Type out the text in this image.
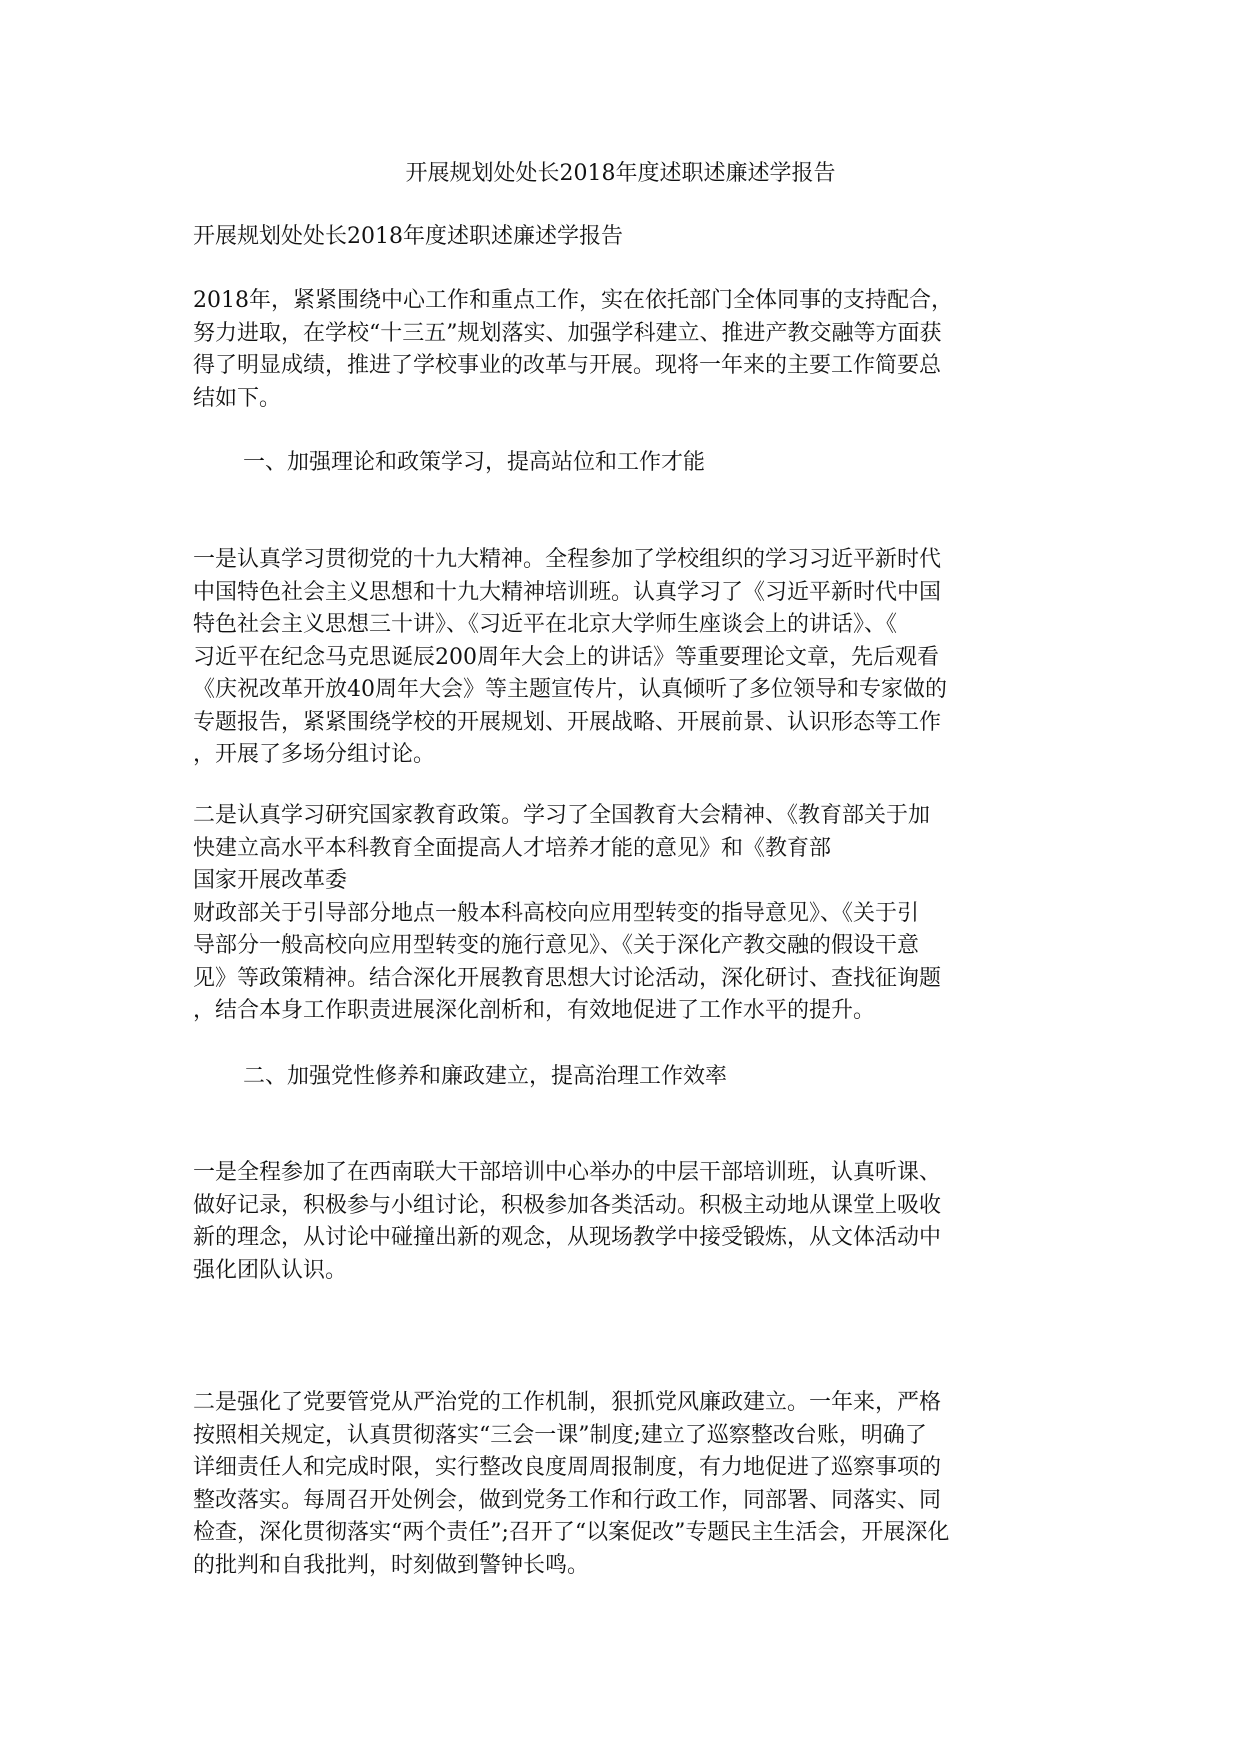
开展规划处处长2018年度述职述廉述学报告
开展规划处处长2018年度述职述廉述学报告
2018年，紧紧围绕中心工作和重点工作，实在依托部门全体同事的支持配合，
努力进取，在学校“十三五”规划落实、加强学科建立、推进产教交融等方面获
得了明显成绩，推进了学校事业的改革与开展。现将一年来的主要工作简要总
结如下。
一、加强理论和政策学习，提高站位和工作才能
一是认真学习贯彻党的十九大精神。全程参加了学校组织的学习习近平新时代
中国特色社会主义思想和十九大精神培训班。认真学习了《习近平新时代中国
特色社会主义思想三十讲》、《习近平在北京大学师生座谈会上的讲话》、《
习近平在纪念马克思诞辰200周年大会上的讲话》等重要理论文章，先后观看
《庆祝改革开放40周年大会》等主题宣传片，认真倾听了多位领导和专家做的
专题报告，紧紧围绕学校的开展规划、开展战略、开展前景、认识形态等工作
，开展了多场分组讨论。
二是认真学习研究国家教育政策。学习了全国教育大会精神、《教育部关于加
快建立高水平本科教育全面提高人才培养才能的意见》和《教育部
国家开展改革委
财政部关于引导部分地点一般本科高校向应用型转变的指导意见》、《关于引
导部分一般高校向应用型转变的施行意见》、《关于深化产教交融的假设干意
见》等政策精神。结合深化开展教育思想大讨论活动，深化研讨、查找征询题
，结合本身工作职责进展深化剖析和，有效地促进了工作水平的提升。
二、加强党性修养和廉政建立，提高治理工作效率
一是全程参加了在西南联大干部培训中心举办的中层干部培训班，认真听课、
做好记录，积极参与小组讨论，积极参加各类活动。积极主动地从课堂上吸收
新的理念，从讨论中碰撞出新的观念，从现场教学中接受锻炼，从文体活动中
强化团队认识。
二是强化了党要管党从严治党的工作机制，狠抓党风廉政建立。一年来，严格
按照相关规定，认真贯彻落实“三会一课”制度;建立了巡察整改台账，明确了
详细责任人和完成时限，实行整改良度周周报制度，有力地促进了巡察事项的
整改落实。每周召开处例会，做到党务工作和行政工作，同部署、同落实、同
检查，深化贯彻落实“两个责任”;召开了“以案促改”专题民主生活会，开展深化
的批判和自我批判，时刻做到警钟长鸣。
